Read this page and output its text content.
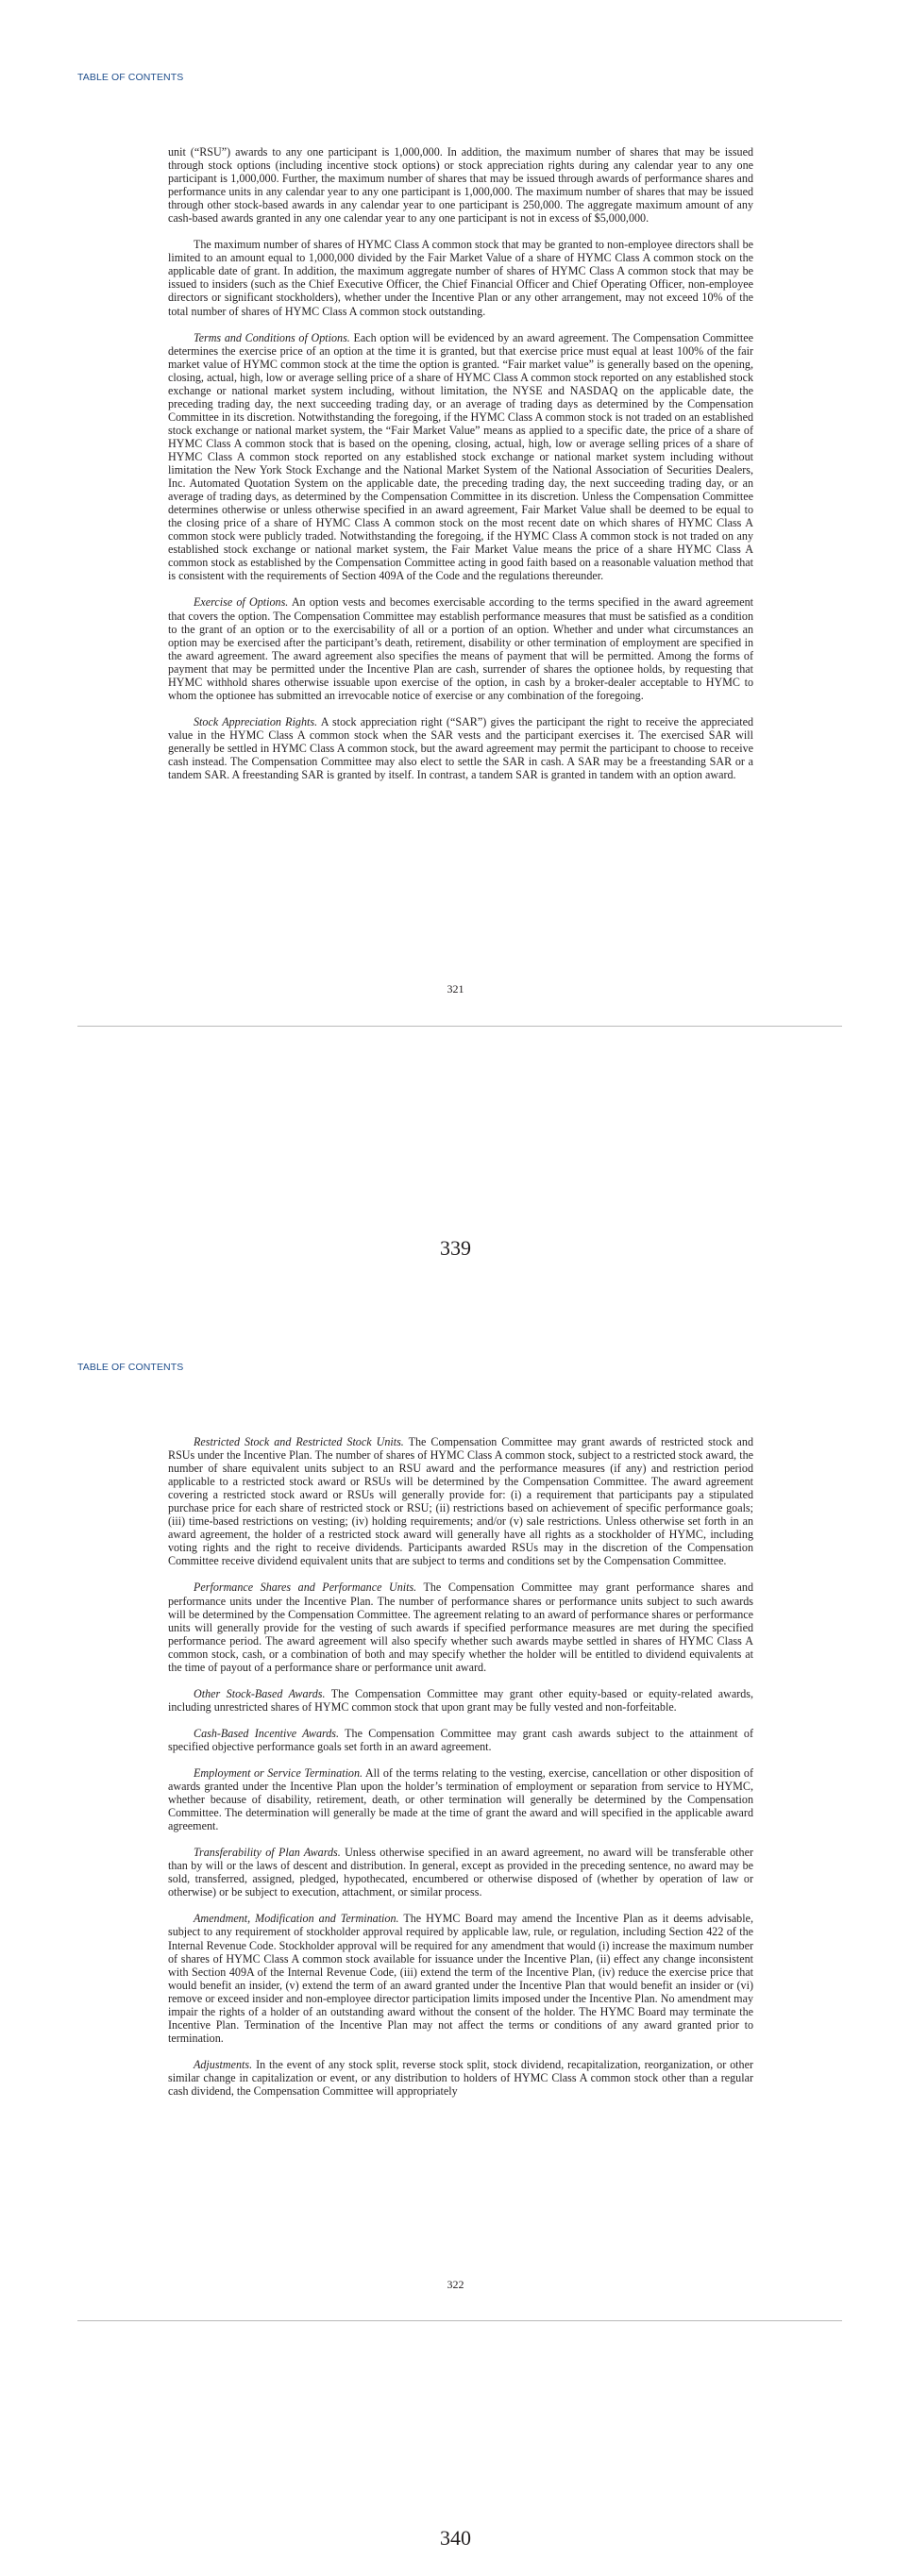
TABLE OF CONTENTS

unit (“RSU”) awards to any one participant is 1,000,000. In addition, the maximum number of shares that may be issued through stock options (including incentive stock options) or stock appreciation rights during any calendar year to any one participant is 1,000,000. Further, the maximum number of shares that may be issued through awards of performance shares and performance units in any calendar year to any one participant is 1,000,000. The maximum number of shares that may be issued through other stock-based awards in any calendar year to one participant is 250,000. The aggregate maximum amount of any cash-based awards granted in any one calendar year to any one participant is not in excess of $5,000,000.

The maximum number of shares of HYMC Class A common stock that may be granted to non-employee directors shall be limited to an amount equal to 1,000,000 divided by the Fair Market Value of a share of HYMC Class A common stock on the applicable date of grant. In addition, the maximum aggregate number of shares of HYMC Class A common stock that may be issued to insiders (such as the Chief Executive Officer, the Chief Financial Officer and Chief Operating Officer, non-employee directors or significant stockholders), whether under the Incentive Plan or any other arrangement, may not exceed 10% of the total number of shares of HYMC Class A common stock outstanding.

Terms and Conditions of Options. Each option will be evidenced by an award agreement. The Compensation Committee determines the exercise price of an option at the time it is granted, but that exercise price must equal at least 100% of the fair market value of HYMC common stock at the time the option is granted. “Fair market value” is generally based on the opening, closing, actual, high, low or average selling price of a share of HYMC Class A common stock reported on any established stock exchange or national market system including, without limitation, the NYSE and NASDAQ on the applicable date, the preceding trading day, the next succeeding trading day, or an average of trading days as determined by the Compensation Committee in its discretion. Notwithstanding the foregoing, if the HYMC Class A common stock is not traded on an established stock exchange or national market system, the “Fair Market Value” means as applied to a specific date, the price of a share of HYMC Class A common stock that is based on the opening, closing, actual, high, low or average selling prices of a share of HYMC Class A common stock reported on any established stock exchange or national market system including without limitation the New York Stock Exchange and the National Market System of the National Association of Securities Dealers, Inc. Automated Quotation System on the applicable date, the preceding trading day, the next succeeding trading day, or an average of trading days, as determined by the Compensation Committee in its discretion. Unless the Compensation Committee determines otherwise or unless otherwise specified in an award agreement, Fair Market Value shall be deemed to be equal to the closing price of a share of HYMC Class A common stock on the most recent date on which shares of HYMC Class A common stock were publicly traded. Notwithstanding the foregoing, if the HYMC Class A common stock is not traded on any established stock exchange or national market system, the Fair Market Value means the price of a share HYMC Class A common stock as established by the Compensation Committee acting in good faith based on a reasonable valuation method that is consistent with the requirements of Section 409A of the Code and the regulations thereunder.

Exercise of Options. An option vests and becomes exercisable according to the terms specified in the award agreement that covers the option. The Compensation Committee may establish performance measures that must be satisfied as a condition to the grant of an option or to the exercisability of all or a portion of an option. Whether and under what circumstances an option may be exercised after the participant’s death, retirement, disability or other termination of employment are specified in the award agreement. The award agreement also specifies the means of payment that will be permitted. Among the forms of payment that may be permitted under the Incentive Plan are cash, surrender of shares the optionee holds, by requesting that HYMC withhold shares otherwise issuable upon exercise of the option, in cash by a broker-dealer acceptable to HYMC to whom the optionee has submitted an irrevocable notice of exercise or any combination of the foregoing.

Stock Appreciation Rights. A stock appreciation right (“SAR”) gives the participant the right to receive the appreciated value in the HYMC Class A common stock when the SAR vests and the participant exercises it. The exercised SAR will generally be settled in HYMC Class A common stock, but the award agreement may permit the participant to choose to receive cash instead. The Compensation Committee may also elect to settle the SAR in cash. A SAR may be a freestanding SAR or a tandem SAR. A freestanding SAR is granted by itself. In contrast, a tandem SAR is granted in tandem with an option award.

321
339
TABLE OF CONTENTS

Restricted Stock and Restricted Stock Units. The Compensation Committee may grant awards of restricted stock and RSUs under the Incentive Plan. The number of shares of HYMC Class A common stock, subject to a restricted stock award, the number of share equivalent units subject to an RSU award and the performance measures (if any) and restriction period applicable to a restricted stock award or RSUs will be determined by the Compensation Committee. The award agreement covering a restricted stock award or RSUs will generally provide for: (i) a requirement that participants pay a stipulated purchase price for each share of restricted stock or RSU; (ii) restrictions based on achievement of specific performance goals; (iii) time-based restrictions on vesting; (iv) holding requirements; and/or (v) sale restrictions. Unless otherwise set forth in an award agreement, the holder of a restricted stock award will generally have all rights as a stockholder of HYMC, including voting rights and the right to receive dividends. Participants awarded RSUs may in the discretion of the Compensation Committee receive dividend equivalent units that are subject to terms and conditions set by the Compensation Committee.

Performance Shares and Performance Units. The Compensation Committee may grant performance shares and performance units under the Incentive Plan. The number of performance shares or performance units subject to such awards will be determined by the Compensation Committee. The agreement relating to an award of performance shares or performance units will generally provide for the vesting of such awards if specified performance measures are met during the specified performance period. The award agreement will also specify whether such awards maybe settled in shares of HYMC Class A common stock, cash, or a combination of both and may specify whether the holder will be entitled to dividend equivalents at the time of payout of a performance share or performance unit award.

Other Stock-Based Awards. The Compensation Committee may grant other equity-based or equity-related awards, including unrestricted shares of HYMC common stock that upon grant may be fully vested and non-forfeitable.

Cash-Based Incentive Awards. The Compensation Committee may grant cash awards subject to the attainment of specified objective performance goals set forth in an award agreement.

Employment or Service Termination. All of the terms relating to the vesting, exercise, cancellation or other disposition of awards granted under the Incentive Plan upon the holder’s termination of employment or separation from service to HYMC, whether because of disability, retirement, death, or other termination will generally be determined by the Compensation Committee. The determination will generally be made at the time of grant the award and will specified in the applicable award agreement.

Transferability of Plan Awards. Unless otherwise specified in an award agreement, no award will be transferable other than by will or the laws of descent and distribution. In general, except as provided in the preceding sentence, no award may be sold, transferred, assigned, pledged, hypothecated, encumbered or otherwise disposed of (whether by operation of law or otherwise) or be subject to execution, attachment, or similar process.

Amendment, Modification and Termination. The HYMC Board may amend the Incentive Plan as it deems advisable, subject to any requirement of stockholder approval required by applicable law, rule, or regulation, including Section 422 of the Internal Revenue Code. Stockholder approval will be required for any amendment that would (i) increase the maximum number of shares of HYMC Class A common stock available for issuance under the Incentive Plan, (ii) effect any change inconsistent with Section 409A of the Internal Revenue Code, (iii) extend the term of the Incentive Plan, (iv) reduce the exercise price that would benefit an insider, (v) extend the term of an award granted under the Incentive Plan that would benefit an insider or (vi) remove or exceed insider and non-employee director participation limits imposed under the Incentive Plan. No amendment may impair the rights of a holder of an outstanding award without the consent of the holder. The HYMC Board may terminate the Incentive Plan. Termination of the Incentive Plan may not affect the terms or conditions of any award granted prior to termination.

Adjustments. In the event of any stock split, reverse stock split, stock dividend, recapitalization, reorganization, or other similar change in capitalization or event, or any distribution to holders of HYMC Class A common stock other than a regular cash dividend, the Compensation Committee will appropriately

322
340
